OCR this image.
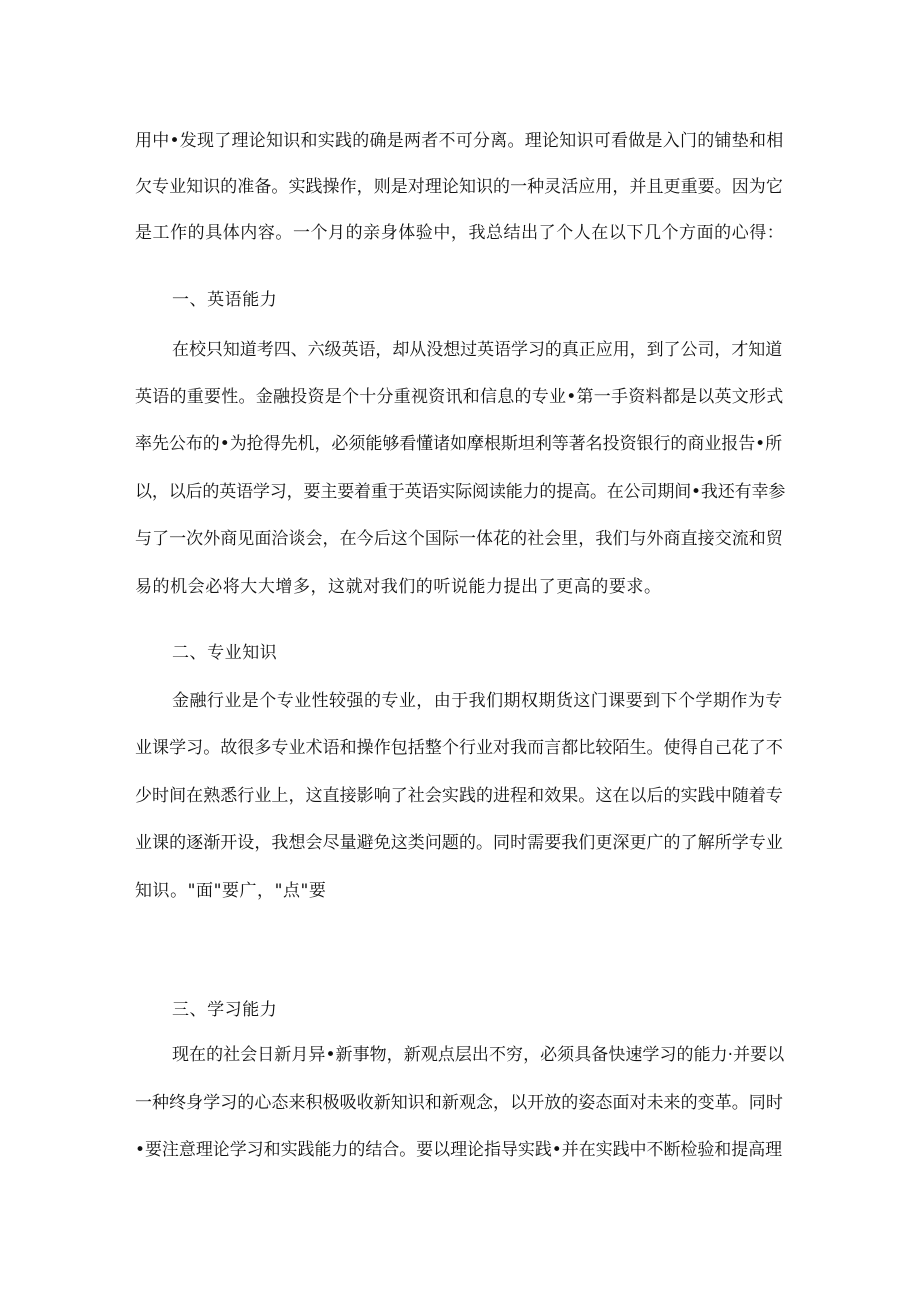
用中•发现了理论知识和实践的确是两者不可分离。理论知识可看做是入门的铺垫和相
欠专业知识的准备。实践操作，则是对理论知识的一种灵活应用，并且更重要。因为它
是工作的具体内容。一个月的亲身体验中，我总结出了个人在以下几个方面的心得：
一、英语能力
在校只知道考四、六级英语，却从没想过英语学习的真正应用，到了公司，才知道
英语的重要性。金融投资是个十分重视资讯和信息的专业•第一手资料都是以英文形式
率先公布的•为抢得先机，必须能够看懂诸如摩根斯坦利等著名投资银行的商业报告•所
以，以后的英语学习，要主要着重于英语实际阅读能力的提高。在公司期间•我还有幸参
与了一次外商见面洽谈会，在今后这个国际一体花的社会里，我们与外商直接交流和贸
易的机会必将大大增多，这就对我们的听说能力提出了更高的要求。
二、专业知识
金融行业是个专业性较强的专业，由于我们期权期货这门课要到下个学期作为专
业课学习。故很多专业术语和操作包括整个行业对我而言都比较陌生。使得自己花了不
少时间在熟悉行业上，这直接影响了社会实践的进程和效果。这在以后的实践中随着专
业课的逐渐开设，我想会尽量避免这类问题的。同时需要我们更深更广的了解所学专业
知识。"面"要广，"点"要
三、学习能力
现在的社会日新月异•新事物，新观点层出不穷，必须具备快速学习的能力·并要以
一种终身学习的心态来积极吸收新知识和新观念，以开放的姿态面对未来的变革。同时
•要注意理论学习和实践能力的结合。要以理论指导实践•并在实践中不断检验和提高理
